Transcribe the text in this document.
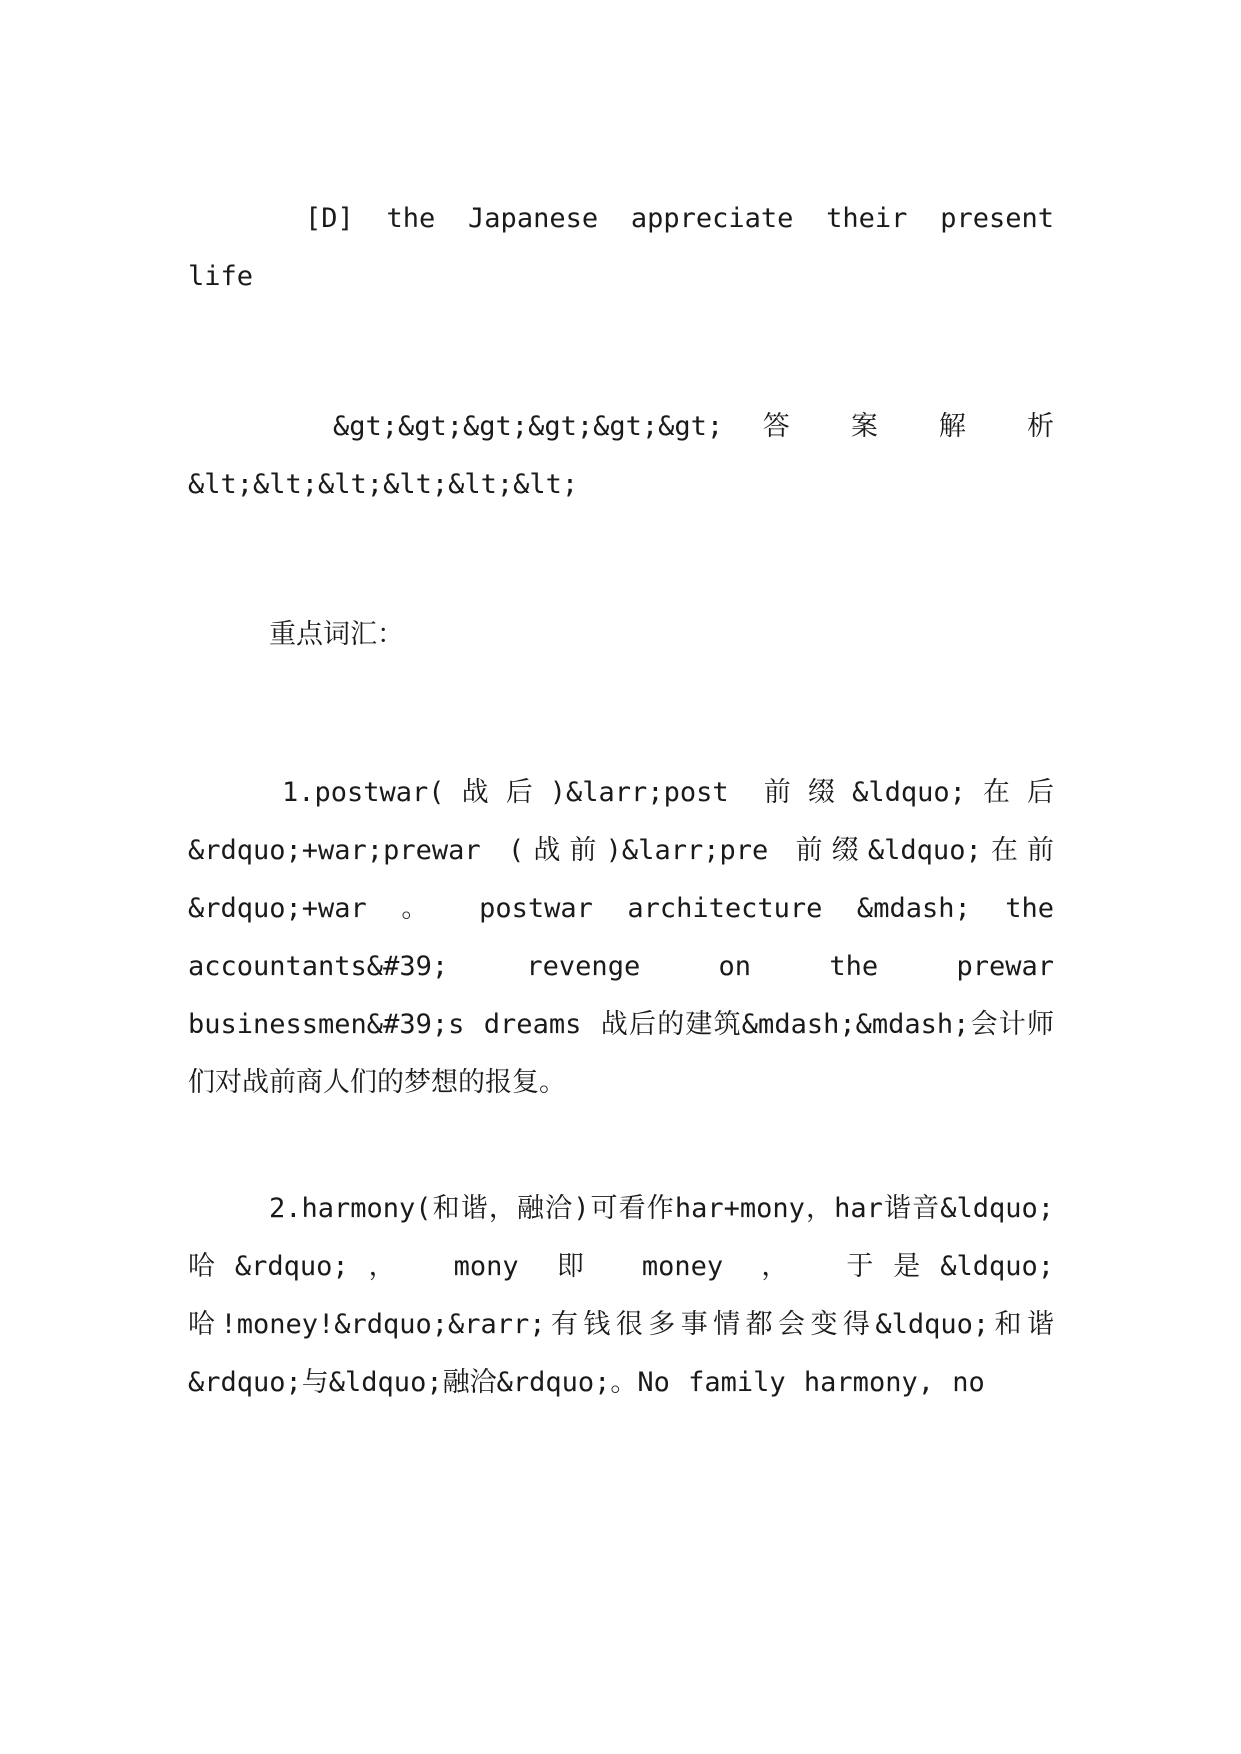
[D] the Japanese appreciate their present life

&gt;&gt;&gt;&gt;&gt;&gt; 答 案 解 析 &lt;&lt;&lt;&lt;&lt;&lt;

重点词汇：

1.postwar(战后)&larr;post 前缀&ldquo;在后&rdquo;+war;prewar (战前)&larr;pre 前缀&ldquo;在前&rdquo;+war 。 postwar architecture &mdash; the accountants&#39; revenge on the prewar businessmen&#39;s dreams 战后的建筑&mdash;&mdash;会计师们对战前商人们的梦想的报复。

2.harmony(和谐，融洽)可看作har+mony，har谐音&ldquo;哈&rdquo;， mony 即 money ， 于是&ldquo;哈!money!&rdquo;&rarr;有钱很多事情都会变得&ldquo;和谐&rdquo;与&ldquo;融洽&rdquo;。No family harmony, no
